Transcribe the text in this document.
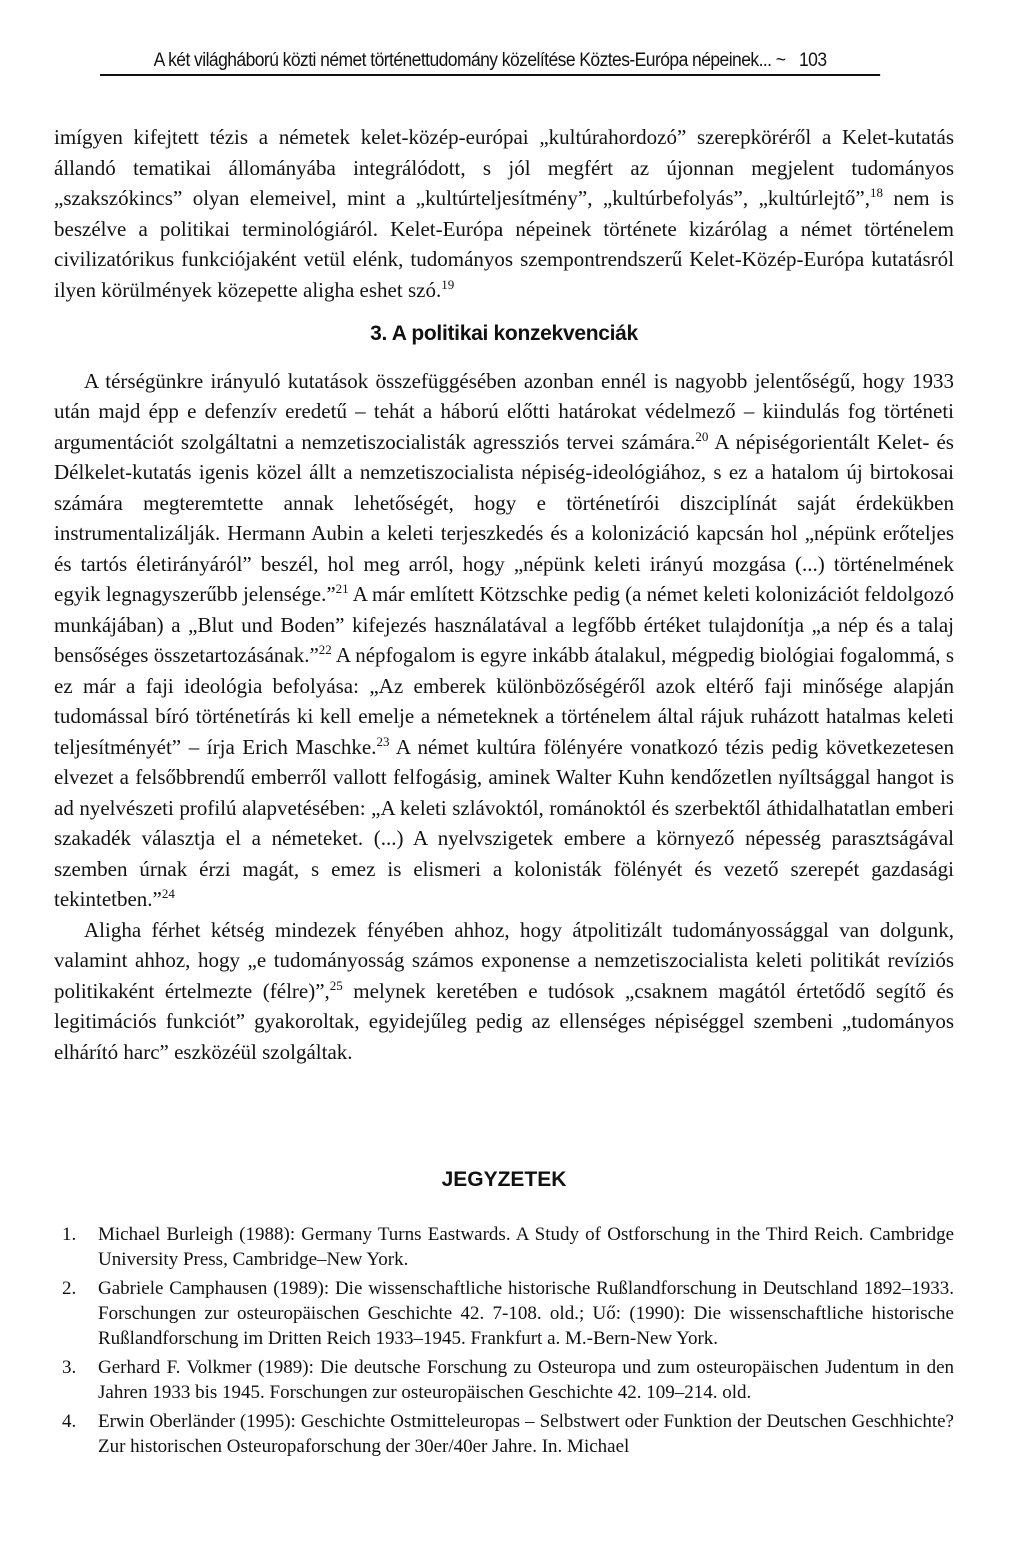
A két világháború közti német történettudomány közelítése Köztes-Európa népeinek... ~ 103

imígyen kifejtett tézis a németek kelet-közép-európai „kultúrahordozó” szerepköréről a Kelet-kutatás állandó tematikai állományába integrálódott, s jól megfért az újonnan megjelent tudományos „szakszókincs” olyan elemeivel, mint a „kultúrteljesítmény”, „kultúrbefolyás”, „kultúrlejtő”,$^{18}$ nem is beszélve a politikai terminológiáról. Kelet-Európa népeinek története kizárólag a német történelem civilizatórikus funkciójaként vetül elénk, tudományos szempontrendszerű Kelet-Közép-Európa kutatásról ilyen körülmények közepette aligha eshet szó.$^{19}$

3. A politikai konzekvenciák

A térségünkre irányuló kutatások összefüggésében azonban ennél is nagyobb jelentőségű, hogy 1933 után majd épp e defenzív eredetű – tehát a háború előtti határokat védelmező – kiindulás fog történeti argumentációt szolgáltatni a nemzetiszocialisták agressziós tervei számára.$^{20}$ A népiségorientált Kelet- és Délkelet-kutatás igenis közel állt a nemzetiszocialista népiség-ideológiához, s ez a hatalom új birtokosai számára megteremtette annak lehetőségét, hogy e történetírói diszciplínát saját érdekükben instrumentalizálják. Hermann Aubin a keleti terjeszkedés és a kolonizáció kapcsán hol „népünk erőteljes és tartós életirányáról” beszél, hol meg arról, hogy „népünk keleti irányú mozgása (...) történelmének egyik legnagyszerűbb jelensége.”$^{21}$ A már említett Kötzschke pedig (a német keleti kolonizációt feldolgozó munkájában) a „Blut und Boden” kifejezés használatával a legfőbb értéket tulajdonítja „a nép és a talaj bensőséges összetartozásának.”$^{22}$ A népfogalom is egyre inkább átalakul, mégpedig biológiai fogalommá, s ez már a faji ideológia befolyása: „Az emberek különbözőségéről azok eltérő faji minősége alapján tudomással bíró történetírás ki kell emelje a németeknek a történelem által rájuk ruházott hatalmas keleti teljesítményét” – írja Erich Maschke.$^{23}$ A német kultúra fölényére vonatkozó tézis pedig következetesen elvezet a felsőbbrendű emberről vallott felfogásig, aminek Walter Kuhn kendőzetlen nyíltsággal hangot is ad nyelvészeti profilú alapvetésében: „A keleti szlávoktól, románoktól és szerbektől áthidalhatatlan emberi szakadék választja el a németeket. (...) A nyelvszigetek embere a környező népesség parasztságával szemben úrnak érzi magát, s emez is elismeri a kolonisták fölényét és vezető szerepét gazdasági tekintetben.”$^{24}$

Aligha férhet kétség mindezek fényében ahhoz, hogy átpolitizált tudományossággal van dolgunk, valamint ahhoz, hogy „e tudományosság számos exponense a nemzetiszocialista keleti politikát revíziós politikaként értelmezte (félre)”,$^{25}$ melynek keretében e tudósok „csaknem magától értetődő segítő és legitimációs funkciót” gyakoroltak, egyidejűleg pedig az ellenséges népiséggel szembeni „tudományos elhárító harc” eszközéül szolgáltak.

JEGYZETEK
1. Michael Burleigh (1988): Germany Turns Eastwards. A Study of Ostforschung in the Third Reich. Cambridge University Press, Cambridge–New York.
2. Gabriele Camphausen (1989): Die wissenschaftliche historische Rußlandforschung in Deutschland 1892–1933. Forschungen zur osteuropäischen Geschichte 42. 7-108. old.; Uő: (1990): Die wissenschaftliche historische Rußlandforschung im Dritten Reich 1933–1945. Frankfurt a. M.-Bern-New York.
3. Gerhard F. Volkmer (1989): Die deutsche Forschung zu Osteuropa und zum osteuropäischen Judentum in den Jahren 1933 bis 1945. Forschungen zur osteuropäischen Geschichte 42. 109–214. old.
4. Erwin Oberländer (1995): Geschichte Ostmitteleuropas – Selbstwert oder Funktion der Deutschen Geschhichte? Zur historischen Osteuropaforschung der 30er/40er Jahre. In. Michael
